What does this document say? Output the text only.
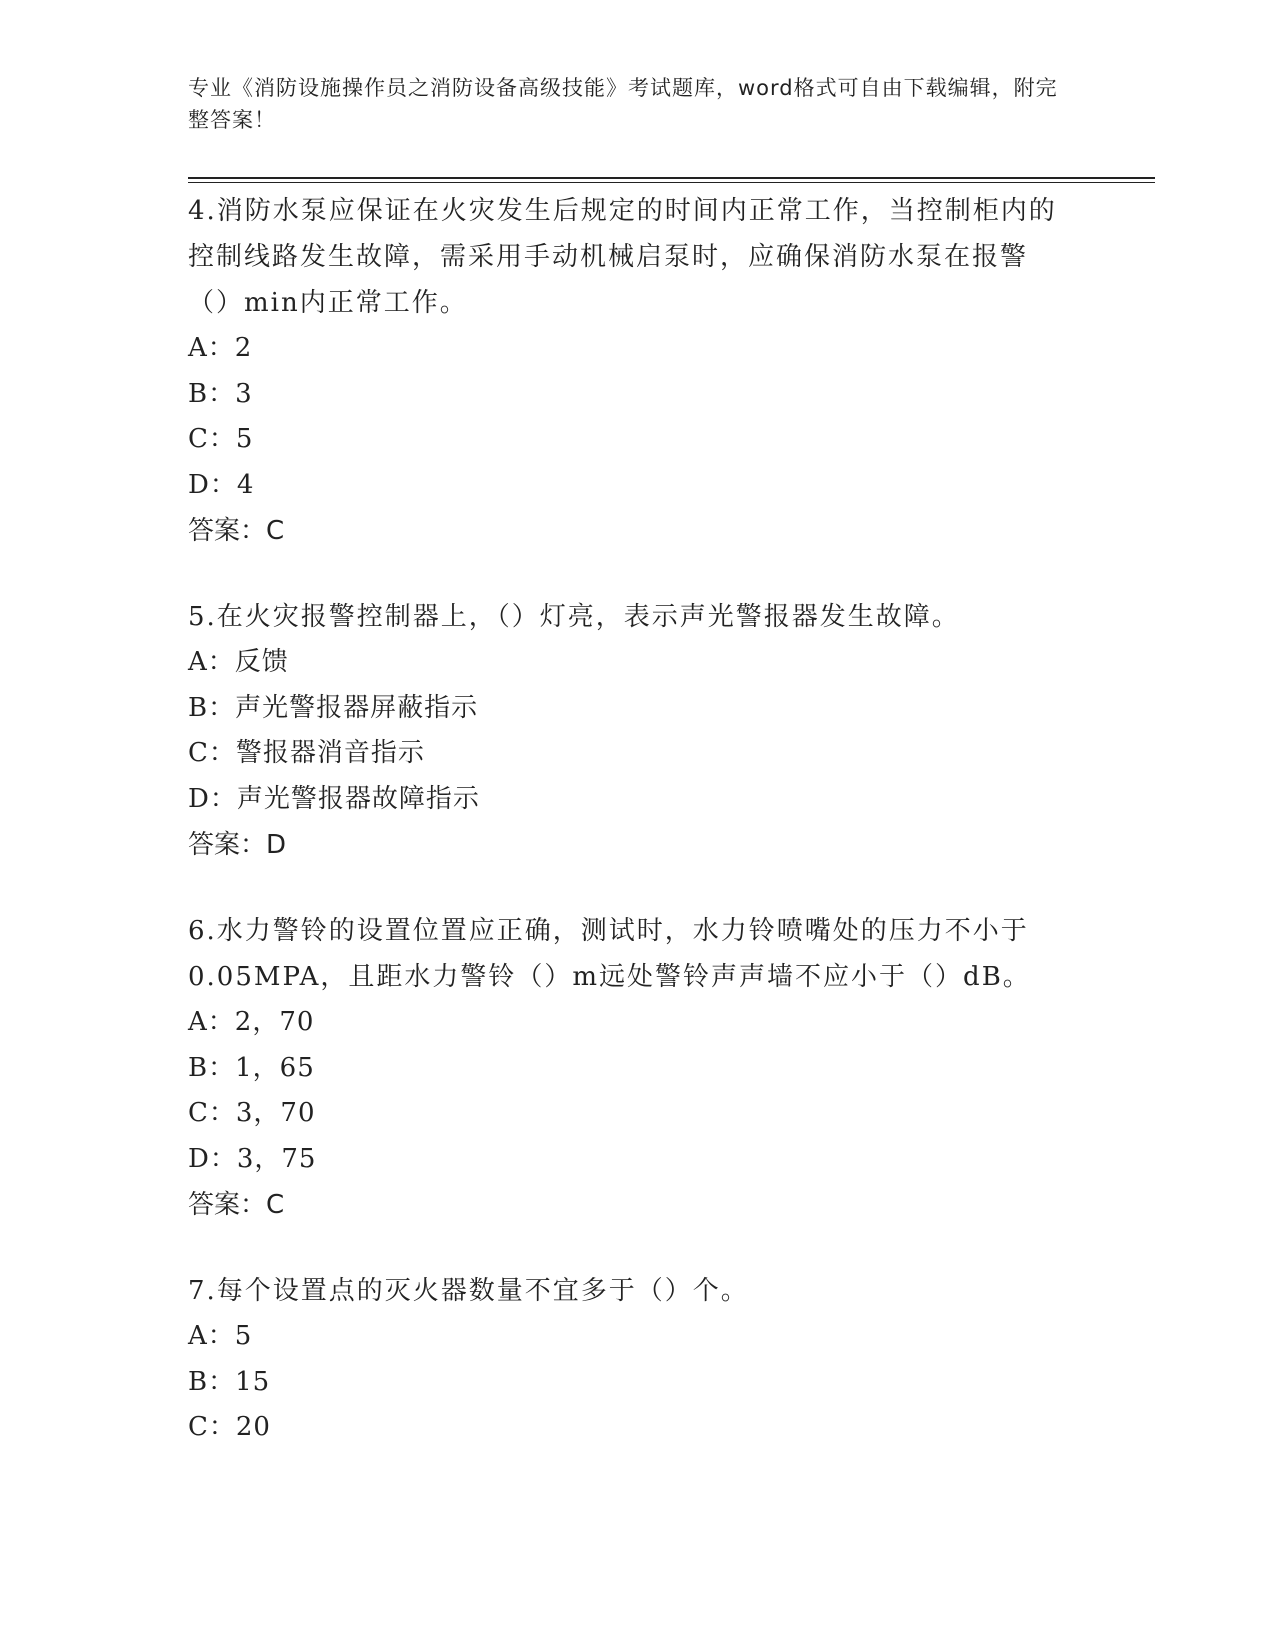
专业《消防设施操作员之消防设备高级技能》考试题库，word格式可自由下载编辑，附完整答案！

4.消防水泵应保证在火灾发生后规定的时间内正常工作，当控制柜内的控制线路发生故障，需采用手动机械启泵时，应确保消防水泵在报警（）min内正常工作。

A：2

B：3

C：5

D：4

答案：C

5.在火灾报警控制器上，（）灯亮，表示声光警报器发生故障。

A：反馈

B：声光警报器屏蔽指示

C：警报器消音指示

D：声光警报器故障指示

答案：D

6.水力警铃的设置位置应正确，测试时，水力铃喷嘴处的压力不小于0.05MPA，且距水力警铃（）m远处警铃声声墙不应小于（）dB。

A：2，70

B：1，65

C：3，70

D：3，75

答案：C

7.每个设置点的灭火器数量不宜多于（）个。

A：5

B：15

C：20
